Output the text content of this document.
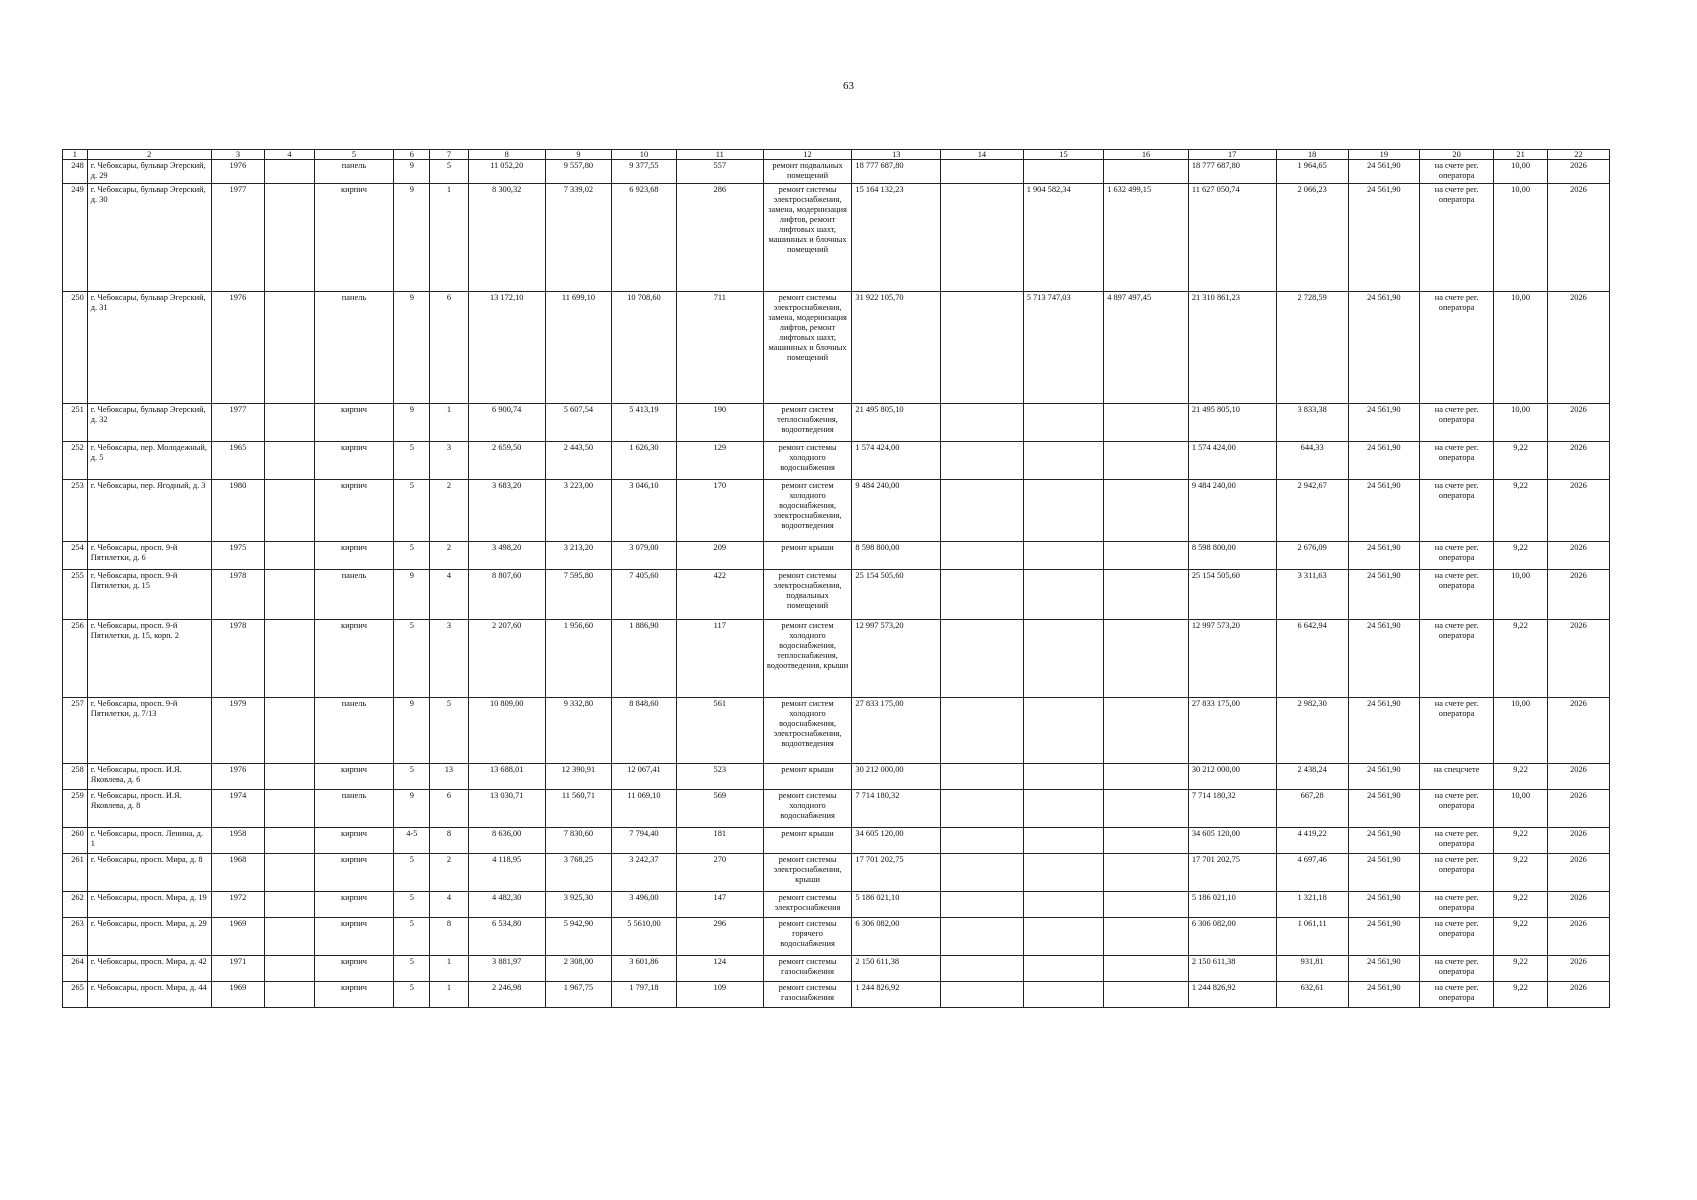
63
1	2	3	4	5	6	7	8	9	10	11	12	13	14	15	16	17	18	19	20	21	22
248	г. Чебоксары, бульвар Эгерский, д. 29	1976		панель	9	5	11 052,20	9 557,80	9 377,55	557	ремонт подвальных помещений	18 777 687,80				18 777 687,80	1 964,65	24 561,90	на счете рег. оператора	10,00	2026
249	г. Чебоксары, бульвар Эгерский, д. 30	1977		кирпич	9	1	8 300,32	7 339,02	6 923,68	286	ремонт системы электроснабжения, замена, модернизация лифтов, ремонт лифтовых шахт, машинных и блочных помещений	15 164 132,23		1 904 582,34	1 632 499,15	11 627 050,74	2 066,23	24 561,90	на счете рег. оператора	10,00	2026
250	г. Чебоксары, бульвар Эгерский, д. 31	1976		панель	9	6	13 172,10	11 699,10	10 708,60	711	ремонт системы электроснабжения, замена, модернизация лифтов, ремонт лифтовых шахт, машинных и блочных помещений	31 922 105,70		5 713 747,03	4 897 497,45	21 310 861,23	2 728,59	24 561,90	на счете рег. оператора	10,00	2026
251	г. Чебоксары, бульвар Эгерский, д. 32	1977		кирпич	9	1	6 900,74	5 607,54	5 413,19	190	ремонт систем теплоснабжения, водоотведения	21 495 805,10				21 495 805,10	3 833,38	24 561,90	на счете рег. оператора	10,00	2026
252	г. Чебоксары, пер. Молодежный, д. 5	1965		кирпич	5	3	2 659,50	2 443,50	1 626,30	129	ремонт системы холодного водоснабжения	1 574 424,00				1 574 424,00	644,33	24 561,90	на счете рег. оператора	9,22	2026
253	г. Чебоксары, пер. Ягодный, д. 3	1980		кирпич	5	2	3 683,20	3 223,00	3 046,10	170	ремонт систем холодного водоснабжения, электроснабжения, водоотведения	9 484 240,00				9 484 240,00	2 942,67	24 561,90	на счете рег. оператора	9,22	2026
254	г. Чебоксары, просп. 9-й Пятилетки, д. 6	1975		кирпич	5	2	3 498,20	3 213,20	3 079,00	209	ремонт крыши	8 598 800,00				8 598 800,00	2 676,09	24 561,90	на счете рег. оператора	9,22	2026
255	г. Чебоксары, просп. 9-й Пятилетки, д. 15	1978		панель	9	4	8 807,60	7 595,80	7 405,60	422	ремонт системы электроснабжения, подвальных помещений	25 154 505,60				25 154 505,60	3 311,63	24 561,90	на счете рег. оператора	10,00	2026
256	г. Чебоксары, просп. 9-й Пятилетки, д. 15, корп. 2	1978		кирпич	5	3	2 207,60	1 956,60	1 886,90	117	ремонт систем холодного водоснабжения, теплоснабжения, водоотведения, крыши	12 997 573,20				12 997 573,20	6 642,94	24 561,90	на счете рег. оператора	9,22	2026
257	г. Чебоксары, просп. 9-й Пятилетки, д. 7/13	1979		панель	9	5	10 809,00	9 332,80	8 848,60	561	ремонт систем холодного водоснабжения, электроснабжения, водоотведения	27 833 175,00				27 833 175,00	2 982,30	24 561,90	на счете рег. оператора	10,00	2026
258	г. Чебоксары, просп. И.Я. Яковлева, д. 6	1976		кирпич	5	13	13 688,01	12 390,91	12 067,41	523	ремонт крыши	30 212 000,00				30 212 000,00	2 438,24	24 561,90	на спецсчете	9,22	2026
259	г. Чебоксары, просп. И.Я. Яковлева, д. 8	1974		панель	9	6	13 030,71	11 560,71	11 069,10	569	ремонт системы холодного водоснабжения	7 714 180,32				7 714 180,32	667,28	24 561,90	на счете рег. оператора	10,00	2026
260	г. Чебоксары, просп. Ленина, д. 1	1958		кирпич	4-5	8	8 636,00	7 830,60	7 794,40	181	ремонт крыши	34 605 120,00				34 605 120,00	4 419,22	24 561,90	на счете рег. оператора	9,22	2026
261	г. Чебоксары, просп. Мира, д. 8	1968		кирпич	5	2	4 118,95	3 768,25	3 242,37	270	ремонт системы электроснабжения, крыши	17 701 202,75				17 701 202,75	4 697,46	24 561,90	на счете рег. оператора	9,22	2026
262	г. Чебоксары, просп. Мира, д. 19	1972		кирпич	5	4	4 482,30	3 925,30	3 496,00	147	ремонт системы электроснабжения	5 186 021,10				5 186 021,10	1 321,18	24 561,90	на счете рег. оператора	9,22	2026
263	г. Чебоксары, просп. Мира, д. 29	1969		кирпич	5	8	6 534,80	5 942,90	5 5610,00	296	ремонт системы горячего водоснабжения	6 306 082,00				6 306 082,00	1 061,11	24 561,90	на счете рег. оператора	9,22	2026
264	г. Чебоксары, просп. Мира, д. 42	1971		кирпич	5	1	3 881,97	2 308,00	3 601,86	124	ремонт системы газоснабжения	2 150 611,38				2 150 611,38	931,81	24 561,90	на счете рег. оператора	9,22	2026
265	г. Чебоксары, просп. Мира, д. 44	1969		кирпич	5	1	2 246,98	1 967,75	1 797,18	109	ремонт системы газоснабжения	1 244 826,92				1 244 826,92	632,61	24 561,90	на счете рег. оператора	9,22	2026
